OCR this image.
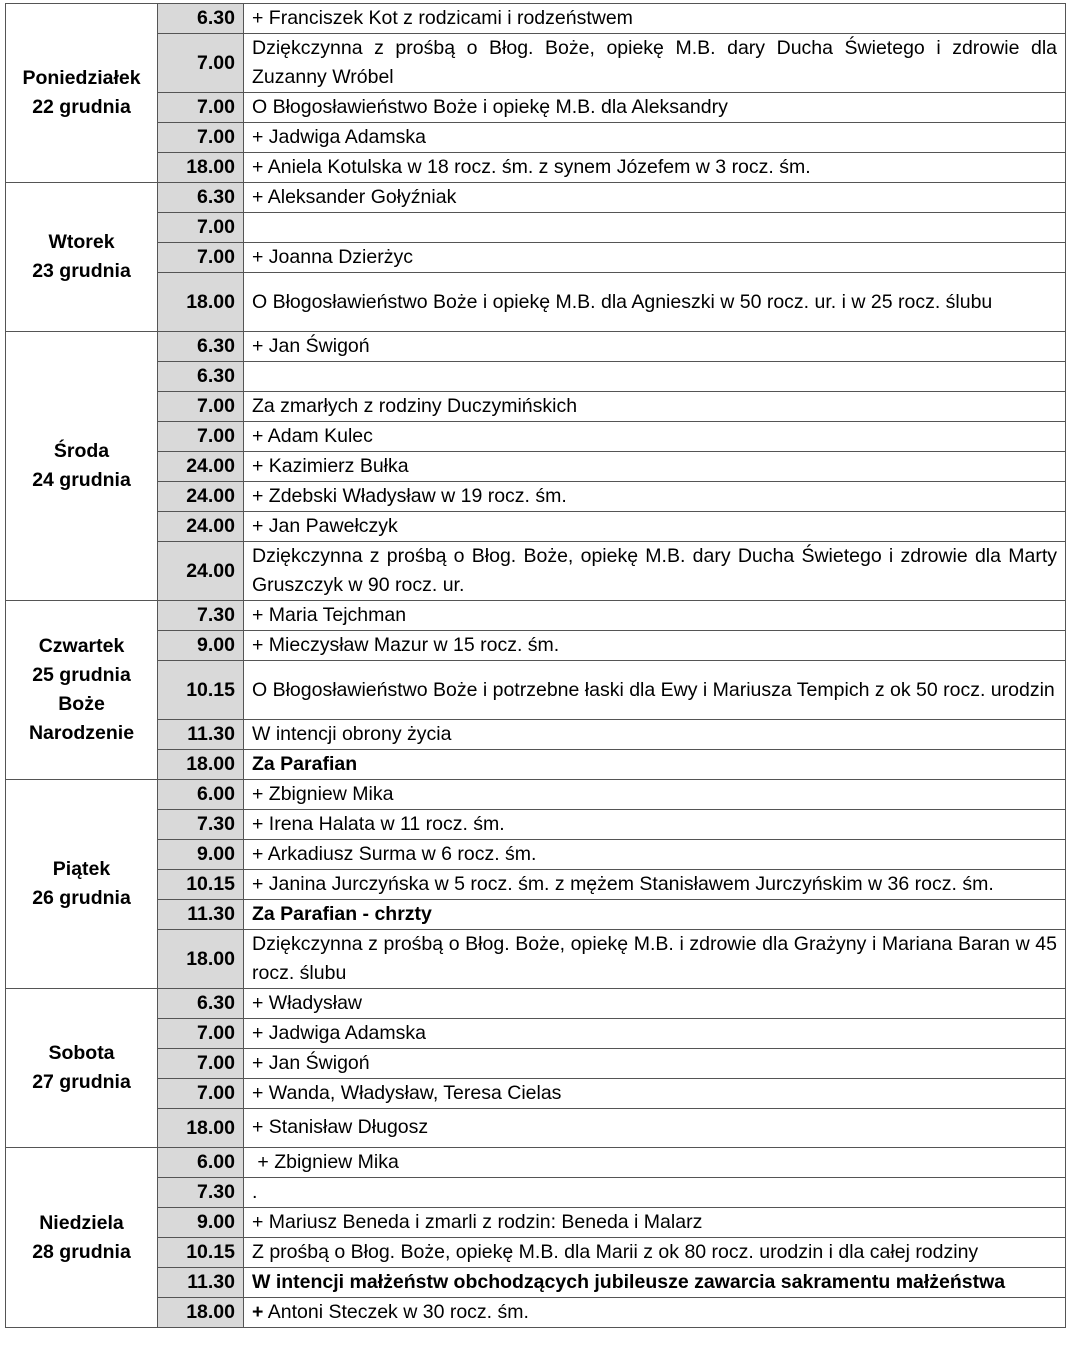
Poniedziałek
22 grudnia	6.30	+ Franciszek Kot z rodzicami i rodzeństwem
	7.00	Dziękczynna z prośbą o Błog. Boże, opiekę M.B. dary Ducha Świetego i zdrowie dla Zuzanny Wróbel
	7.00	O Błogosławieństwo Boże i opiekę M.B. dla Aleksandry
	7.00	+ Jadwiga Adamska
	18.00	+ Aniela Kotulska w 18 rocz. śm. z synem Józefem w 3 rocz. śm.

Wtorek
23 grudnia	6.30	+ Aleksander Gołyźniak
	7.00	
	7.00	+ Joanna Dzierżyc
	18.00	O Błogosławieństwo Boże i opiekę M.B. dla Agnieszki w 50 rocz. ur. i w 25 rocz. ślubu

Środa
24 grudnia	6.30	+ Jan Świgoń
	6.30	
	7.00	Za zmarłych z rodziny Duczymińskich
	7.00	+ Adam Kulec
	24.00	+ Kazimierz Bułka
	24.00	+ Zdebski Władysław w 19 rocz. śm.
	24.00	+ Jan Pawełczyk
	24.00	Dziękczynna z prośbą o Błog. Boże, opiekę M.B. dary Ducha Świetego i zdrowie dla Marty Gruszczyk w 90 rocz. ur.

Czwartek
25 grudnia
Boże
Narodzenie	7.30	+ Maria Tejchman
	9.00	+ Mieczysław Mazur w 15 rocz. śm.
	10.15	O Błogosławieństwo Boże i potrzebne łaski dla Ewy i Mariusza Tempich z ok 50 rocz. urodzin
	11.30	W intencji obrony życia
	18.00	Za Parafian

Piątek
26 grudnia	6.00	+ Zbigniew Mika
	7.30	+ Irena Halata w 11 rocz. śm.
	9.00	+ Arkadiusz Surma w 6 rocz. śm.
	10.15	+ Janina Jurczyńska w 5 rocz. śm. z mężem Stanisławem Jurczyńskim w 36 rocz. śm.
	11.30	Za Parafian - chrzty
	18.00	Dziękczynna z prośbą o Błog. Boże, opiekę M.B. i zdrowie dla Grażyny i Mariana Baran w 45 rocz. ślubu

Sobota
27 grudnia	6.30	+ Władysław
	7.00	+ Jadwiga Adamska
	7.00	+ Jan Świgoń
	7.00	+ Wanda, Władysław, Teresa Cielas
	18.00	+ Stanisław Długosz

Niedziela
28 grudnia	6.00	+ Zbigniew Mika
	7.30	.
	9.00	+ Mariusz Beneda i zmarli z rodzin: Beneda i Malarz
	10.15	Z prośbą o Błog. Boże, opiekę M.B. dla Marii z ok 80 rocz. urodzin i dla całej rodziny
	11.30	W intencji małżeństw obchodzących jubileusze zawarcia sakramentu małżeństwa
	18.00	+ Antoni Steczek w 30 rocz. śm.
